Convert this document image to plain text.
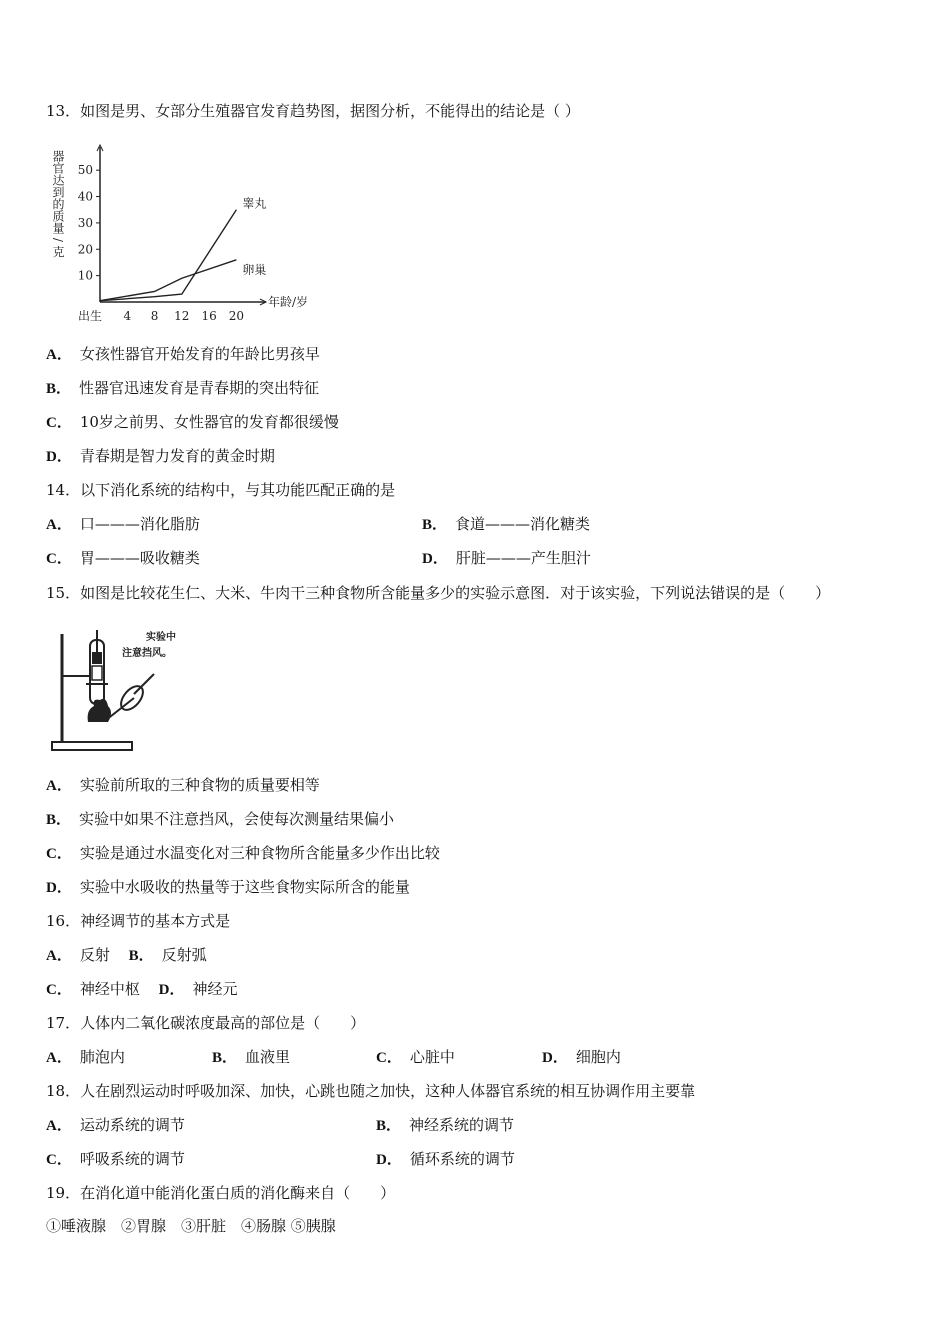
13．如图是男、女部分生殖器官发育趋势图，据图分析，不能得出的结论是（ ）
10
20
30
40
50
出生 4 8 12 16 20
年龄/岁
器官达到的质量 / 克	睾丸
卵巢
A． 女孩性器官开始发育的年龄比男孩早
B． 性器官迅速发育是青春期的突出特征
C． 10岁之前男、女性器官的发育都很缓慢
D． 青春期是智力发育的黄金时期
14．以下消化系统的结构中，与其功能匹配正确的是
A． 口———消化脂肪	B． 食道———消化糖类
C． 胃———吸收糖类	D． 肝脏———产生胆汁
15．如图是比较花生仁、大米、牛肉干三种食物所含能量多少的实验示意图．对于该实验，下列说法错误的是（　　）
实验中
注意挡风。
A． 实验前所取的三种食物的质量要相等
B． 实验中如果不注意挡风，会使每次测量结果偏小
C． 实验是通过水温变化对三种食物所含能量多少作出比较
D． 实验中水吸收的热量等于这些食物实际所含的能量
16．神经调节的基本方式是
A． 反射 B． 反射弧
C． 神经中枢 D． 神经元
17．人体内二氧化碳浓度最高的部位是（　　）
A． 肺泡内	B． 血液里	C． 心脏中	D． 细胞内
18．人在剧烈运动时呼吸加深、加快，心跳也随之加快，这种人体器官系统的相互协调作用主要靠
A． 运动系统的调节	B． 神经系统的调节
C． 呼吸系统的调节	D． 循环系统的调节
19．在消化道中能消化蛋白质的消化酶来自（　　）
①唾液腺　②胃腺　③肝脏　④肠腺 ⑤胰腺
